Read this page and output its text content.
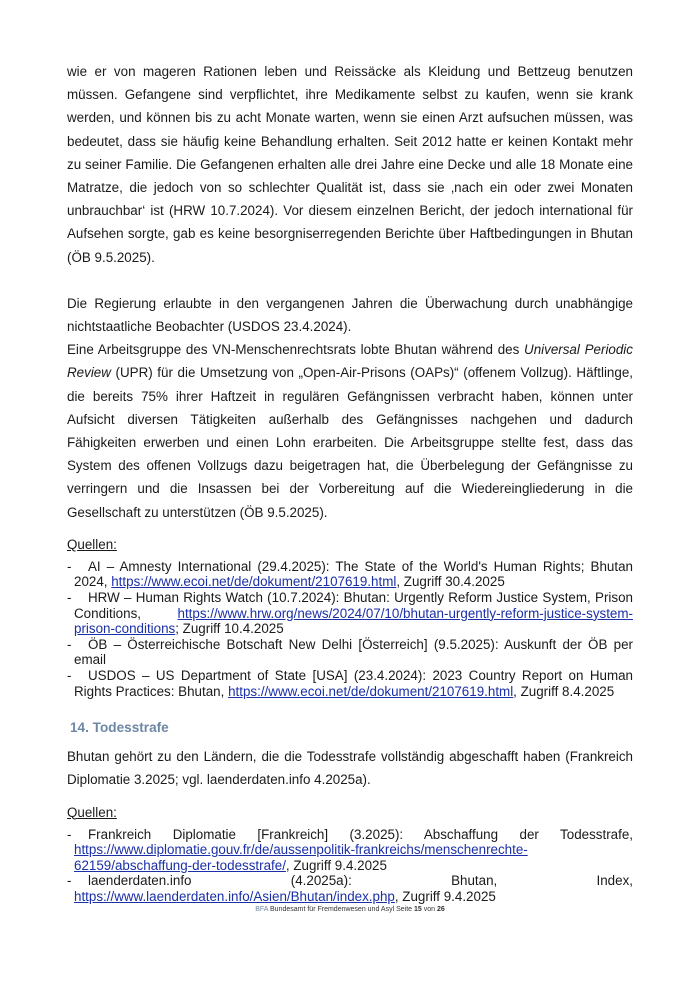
wie er von mageren Rationen leben und Reissäcke als Kleidung und Bettzeug benutzen müssen. Gefangene sind verpflichtet, ihre Medikamente selbst zu kaufen, wenn sie krank werden, und können bis zu acht Monate warten, wenn sie einen Arzt aufsuchen müssen, was bedeutet, dass sie häufig keine Behandlung erhalten. Seit 2012 hatte er keinen Kontakt mehr zu seiner Familie. Die Gefangenen erhalten alle drei Jahre eine Decke und alle 18 Monate eine Matratze, die jedoch von so schlechter Qualität ist, dass sie ‚nach ein oder zwei Monaten unbrauchbar‘ ist (HRW 10.7.2024). Vor diesem einzelnen Bericht, der jedoch international für Aufsehen sorgte, gab es keine besorgniserregenden Berichte über Haftbedingungen in Bhutan (ÖB 9.5.2025).

Die Regierung erlaubte in den vergangenen Jahren die Überwachung durch unabhängige nichtstaatliche Beobachter (USDOS 23.4.2024).

Eine Arbeitsgruppe des VN-Menschenrechtsrats lobte Bhutan während des Universal Periodic Review (UPR) für die Umsetzung von „Open-Air-Prisons (OAPs)“ (offenem Vollzug). Häftlinge, die bereits 75% ihrer Haftzeit in regulären Gefängnissen verbracht haben, können unter Aufsicht diversen Tätigkeiten außerhalb des Gefängnisses nachgehen und dadurch Fähigkeiten erwerben und einen Lohn erarbeiten. Die Arbeitsgruppe stellte fest, dass das System des offenen Vollzugs dazu beigetragen hat, die Überbelegung der Gefängnisse zu verringern und die Insassen bei der Vorbereitung auf die Wiedereingliederung in die Gesellschaft zu unterstützen (ÖB 9.5.2025).

Quellen:
- AI – Amnesty International (29.4.2025): The State of the World's Human Rights; Bhutan 2024, https://www.ecoi.net/de/dokument/2107619.html, Zugriff 30.4.2025
- HRW – Human Rights Watch (10.7.2024): Bhutan: Urgently Reform Justice System, Prison Conditions, https://www.hrw.org/news/2024/07/10/bhutan-urgently-reform-justice-system-prison-conditions; Zugriff 10.4.2025
- ÖB – Österreichische Botschaft New Delhi [Österreich] (9.5.2025): Auskunft der ÖB per email
- USDOS – US Department of State [USA] (23.4.2024): 2023 Country Report on Human Rights Practices: Bhutan, https://www.ecoi.net/de/dokument/2107619.html, Zugriff 8.4.2025
14. Todesstrafe

Bhutan gehört zu den Ländern, die die Todesstrafe vollständig abgeschafft haben (Frankreich Diplomatie 3.2025; vgl. laenderdaten.info 4.2025a).

Quellen:
- Frankreich Diplomatie [Frankreich] (3.2025): Abschaffung der Todesstrafe, https://www.diplomatie.gouv.fr/de/aussenpolitik-frankreichs/menschenrechte-62159/abschaffung-der-todesstrafe/, Zugriff 9.4.2025
- laenderdaten.info (4.2025a): Bhutan, Index, https://www.laenderdaten.info/Asien/Bhutan/index.php, Zugriff 9.4.2025
BFA Bundesamt für Fremdenwesen und Asyl Seite 15 von 26
